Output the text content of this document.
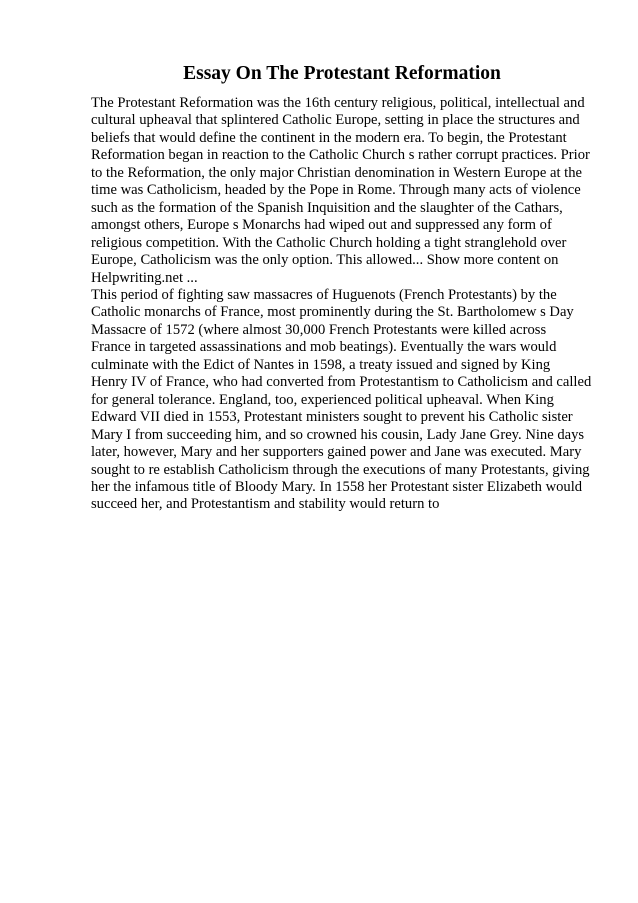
Essay On The Protestant Reformation
The Protestant Reformation was the 16th century religious, political, intellectual and
cultural upheaval that splintered Catholic Europe, setting in place the structures and
beliefs that would define the continent in the modern era. To begin, the Protestant
Reformation began in reaction to the Catholic Church s rather corrupt practices. Prior
to the Reformation, the only major Christian denomination in Western Europe at the
time was Catholicism, headed by the Pope in Rome. Through many acts of violence
such as the formation of the Spanish Inquisition and the slaughter of the Cathars,
amongst others, Europe s Monarchs had wiped out and suppressed any form of
religious competition. With the Catholic Church holding a tight stranglehold over
Europe, Catholicism was the only option. This allowed... Show more content on
Helpwriting.net ...
This period of fighting saw massacres of Huguenots (French Protestants) by the
Catholic monarchs of France, most prominently during the St. Bartholomew s Day
Massacre of 1572 (where almost 30,000 French Protestants were killed across
France in targeted assassinations and mob beatings). Eventually the wars would
culminate with the Edict of Nantes in 1598, a treaty issued and signed by King
Henry IV of France, who had converted from Protestantism to Catholicism and called
for general tolerance. England, too, experienced political upheaval. When King
Edward VII died in 1553, Protestant ministers sought to prevent his Catholic sister
Mary I from succeeding him, and so crowned his cousin, Lady Jane Grey. Nine days
later, however, Mary and her supporters gained power and Jane was executed. Mary
sought to re establish Catholicism through the executions of many Protestants, giving
her the infamous title of Bloody Mary. In 1558 her Protestant sister Elizabeth would
succeed her, and Protestantism and stability would return to
